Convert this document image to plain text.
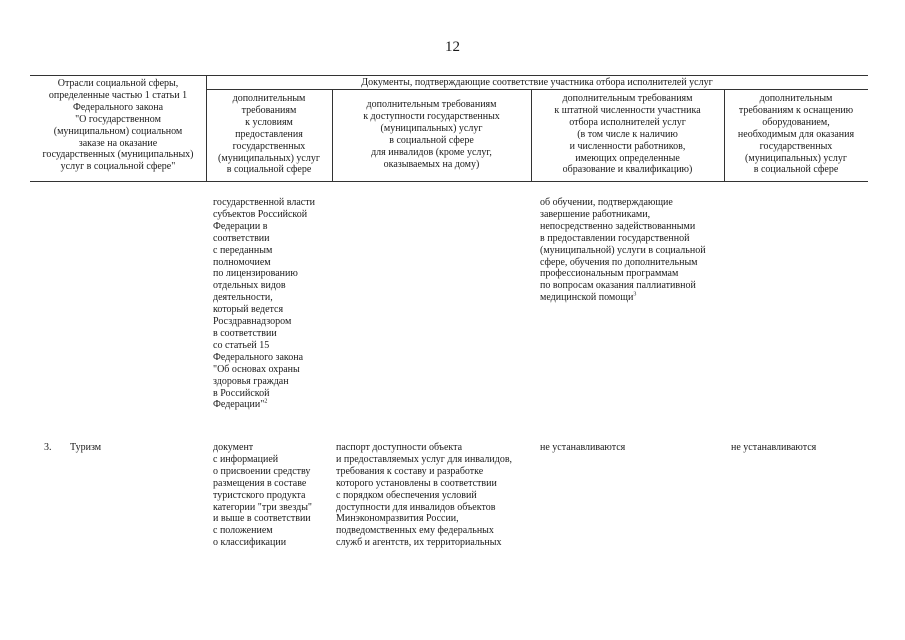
12
Отрасли социальной сферы,
определенные частью 1 статьи 1
Федерального закона
"О государственном
(муниципальном) социальном
заказе на оказание
государственных (муниципальных)
услуг в социальной сфере"
Документы, подтверждающие соответствие участника отбора исполнителей услуг
дополнительным
требованиям
к условиям
предоставления
государственных
(муниципальных) услуг
в социальной сфере
дополнительным требованиям
к доступности государственных
(муниципальных) услуг
в социальной сфере
для инвалидов (кроме услуг,
оказываемых на дому)
дополнительным требованиям
к штатной численности участника
отбора исполнителей услуг
(в том числе к наличию
и численности работников,
имеющих определенные
образование и квалификацию)
дополнительным
требованиям к оснащению
оборудованием,
необходимым для оказания
государственных
(муниципальных) услуг
в социальной сфере
государственной власти
субъектов Российской
Федерации в
соответствии
с переданным
полномочием
по лицензированию
отдельных видов
деятельности,
который ведется
Росздравнадзором
в соответствии
со статьей 15
Федерального закона
"Об основах охраны
здоровья граждан
в Российской
Федерации"$^2$
об обучении, подтверждающие
завершение работниками,
непосредственно задействованными
в предоставлении государственной
(муниципальной) услуги в социальной
сфере, обучения по дополнительным
профессиональным программам
по вопросам оказания паллиативной
медицинской помощи$^3$
3. Туризм	документ
с информацией
о присвоении средству
размещения в составе
туристского продукта
категории "три звезды"
и выше в соответствии
с положением
о классификации
паспорт доступности объекта
и предоставляемых услуг для инвалидов,
требования к составу и разработке
которого установлены в соответствии
с порядком обеспечения условий
доступности для инвалидов объектов
Минэкономразвития России,
подведомственных ему федеральных
служб и агентств, их территориальных
не устанавливаются	не устанавливаются
